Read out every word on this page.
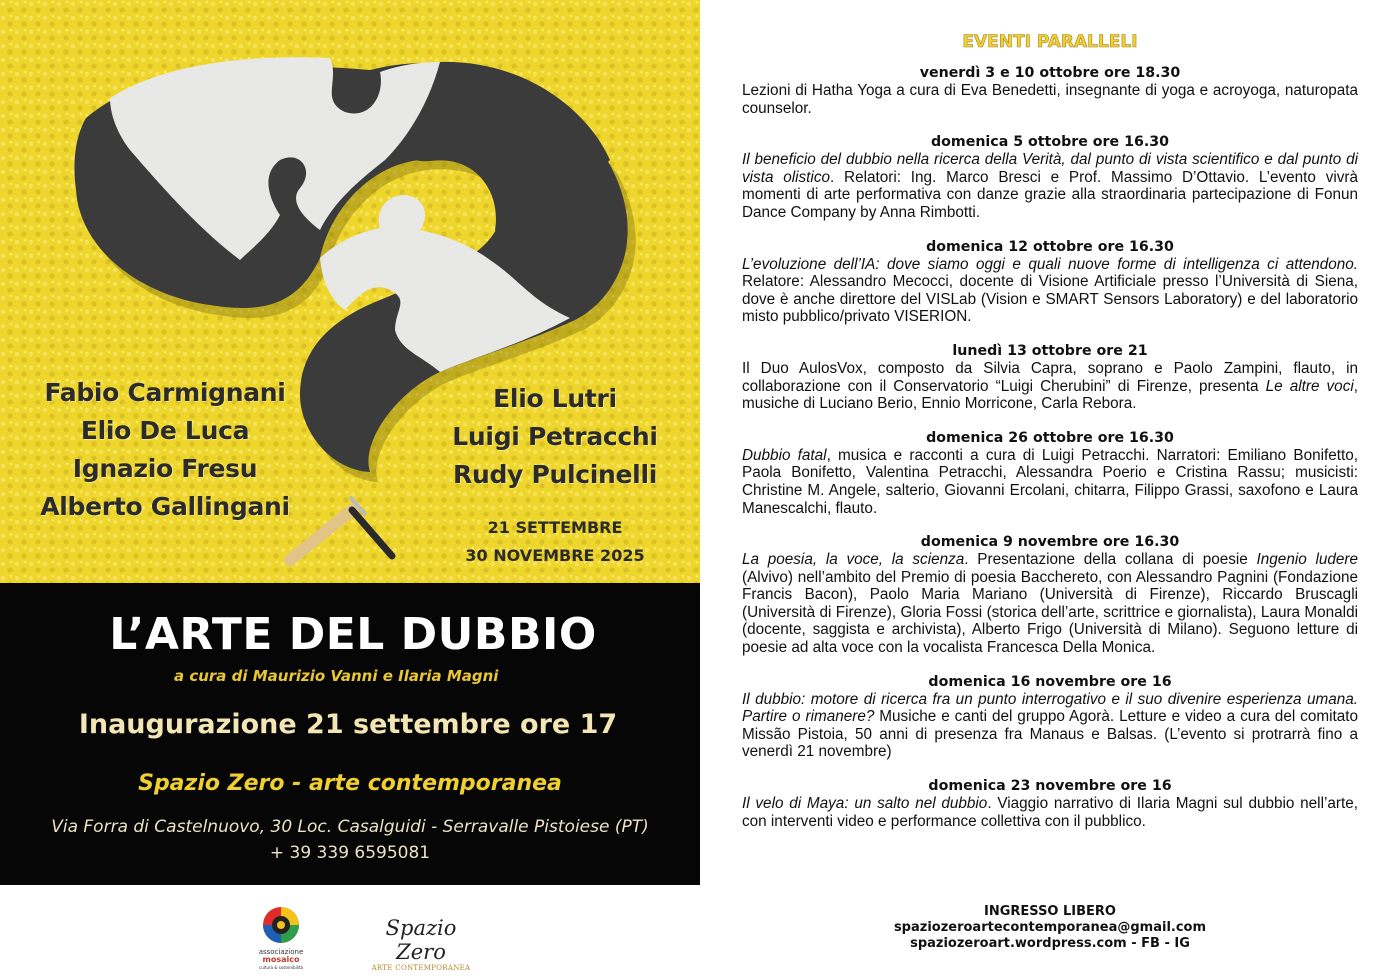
Fabio Carmignani
Elio De Luca
Ignazio Fresu
Alberto Gallingani
Elio Lutri
Luigi Petracchi
Rudy Pulcinelli
21 SETTEMBRE
30 NOVEMBRE 2025
L’ARTE DEL DUBBIO
a cura di Maurizio Vanni e Ilaria Magni
Inaugurazione 21 settembre ore 17
Spazio Zero - arte contemporanea
Via Forra di Castelnuovo, 30 Loc. Casalguidi - Serravalle Pistoiese (PT)
+ 39 339 6595081
associazione
mosaico
cultura & sostenibilità
Spazio Zero
ARTE CONTEMPORANEA
EVENTI PARALLELI
venerdì 3 e 10 ottobre ore 18.30

Lezioni di Hatha Yoga a cura di Eva Benedetti, insegnante di yoga e acroyoga, naturopata counselor.

domenica 5 ottobre ore 16.30

Il beneficio del dubbio nella ricerca della Verità, dal punto di vista scientifico e dal punto di vista olistico. Relatori: Ing. Marco Bresci e Prof. Massimo D’Ottavio. L’evento vivrà momenti di arte performativa con danze grazie alla straordinaria partecipazione di Fonun Dance Company by Anna Rimbotti.

domenica 12 ottobre ore 16.30

L’evoluzione dell’IA: dove siamo oggi e quali nuove forme di intelligenza ci attendono. Relatore: Alessandro Mecocci, docente di Visione Artificiale presso l’Università di Siena, dove è anche direttore del VISLab (Vision e SMART Sensors Laboratory) e del laboratorio misto pubblico/privato VISERION.

lunedì 13 ottobre ore 21

Il Duo AulosVox, composto da Silvia Capra, soprano e Paolo Zampini, flauto, in collaborazione con il Conservatorio “Luigi Cherubini” di Firenze, presenta Le altre voci, musiche di Luciano Berio, Ennio Morricone, Carla Rebora.

domenica 26 ottobre ore 16.30

Dubbio fatal, musica e racconti a cura di Luigi Petracchi. Narratori: Emiliano Bonifetto, Paola Bonifetto, Valentina Petracchi, Alessandra Poerio e Cristina Rassu; musicisti: Christine M. Angele, salterio, Giovanni Ercolani, chitarra, Filippo Grassi, saxofono e Laura Manescalchi, flauto.

domenica 9 novembre ore 16.30

La poesia, la voce, la scienza. Presentazione della collana di poesie Ingenio ludere (Alvivo) nell’ambito del Premio di poesia Bacchereto, con Alessandro Pagnini (Fondazione Francis Bacon), Paolo Maria Mariano (Università di Firenze), Riccardo Bruscagli (Università di Firenze), Gloria Fossi (storica dell’arte, scrittrice e giornalista), Laura Monaldi (docente, saggista e archivista), Alberto Frigo (Università di Milano). Seguono letture di poesie ad alta voce con la vocalista Francesca Della Monica.

domenica 16 novembre ore 16

Il dubbio: motore di ricerca fra un punto interrogativo e il suo divenire esperienza umana. Partire o rimanere? Musiche e canti del gruppo Agorà. Letture e video a cura del comitato Missão Pistoia, 50 anni di presenza fra Manaus e Balsas. (L’evento si protrarrà fino a venerdì 21 novembre)

domenica 23 novembre ore 16

Il velo di Maya: un salto nel dubbio. Viaggio narrativo di Ilaria Magni sul dubbio nell’arte, con interventi video e performance collettiva con il pubblico.

INGRESSO LIBERO
spaziozeroartecontemporanea@gmail.com
spaziozeroart.wordpress.com - FB - IG
